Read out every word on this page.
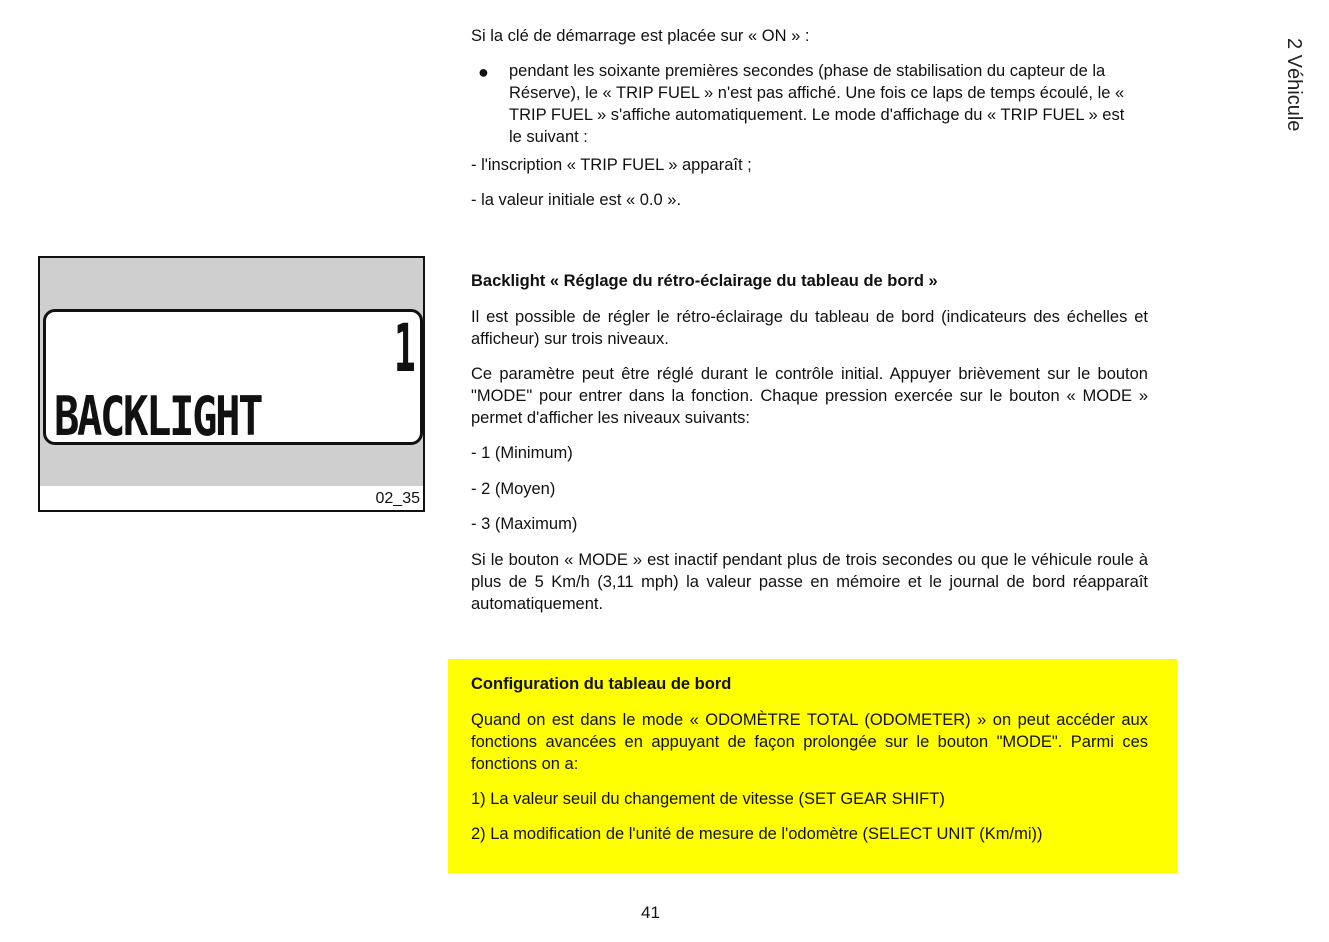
2 Véhicule

Si la clé de démarrage est placée sur « ON » :

● pendant les soixante premières secondes (phase de stabilisation du capteur de la Réserve), le « TRIP FUEL » n'est pas affiché. Une fois ce laps de temps écoulé, le « TRIP FUEL » s'affiche automatiquement. Le mode d'affichage du « TRIP FUEL » est le suivant :

- l'inscription « TRIP FUEL » apparaît ;

- la valeur initiale est « 0.0 ».

1
BACKLIGHT
02_35

Backlight « Réglage du rétro-éclairage du tableau de bord »

Il est possible de régler le rétro-éclairage du tableau de bord (indicateurs des échelles et afficheur) sur trois niveaux.

Ce paramètre peut être réglé durant le contrôle initial. Appuyer brièvement sur le bouton "MODE" pour entrer dans la fonction. Chaque pression exercée sur le bouton « MODE » permet d'afficher les niveaux suivants:

- 1 (Minimum)

- 2 (Moyen)

- 3 (Maximum)

Si le bouton « MODE » est inactif pendant plus de trois secondes ou que le véhicule roule à plus de 5 Km/h (3,11 mph) la valeur passe en mémoire et le journal de bord réapparaît automatiquement.

Configuration du tableau de bord

Quand on est dans le mode « ODOMÈTRE TOTAL (ODOMETER) » on peut accéder aux fonctions avancées en appuyant de façon prolongée sur le bouton "MODE". Parmi ces fonctions on a:

1) La valeur seuil du changement de vitesse (SET GEAR SHIFT)

2) La modification de l'unité de mesure de l'odomètre (SELECT UNIT (Km/mi))

41
